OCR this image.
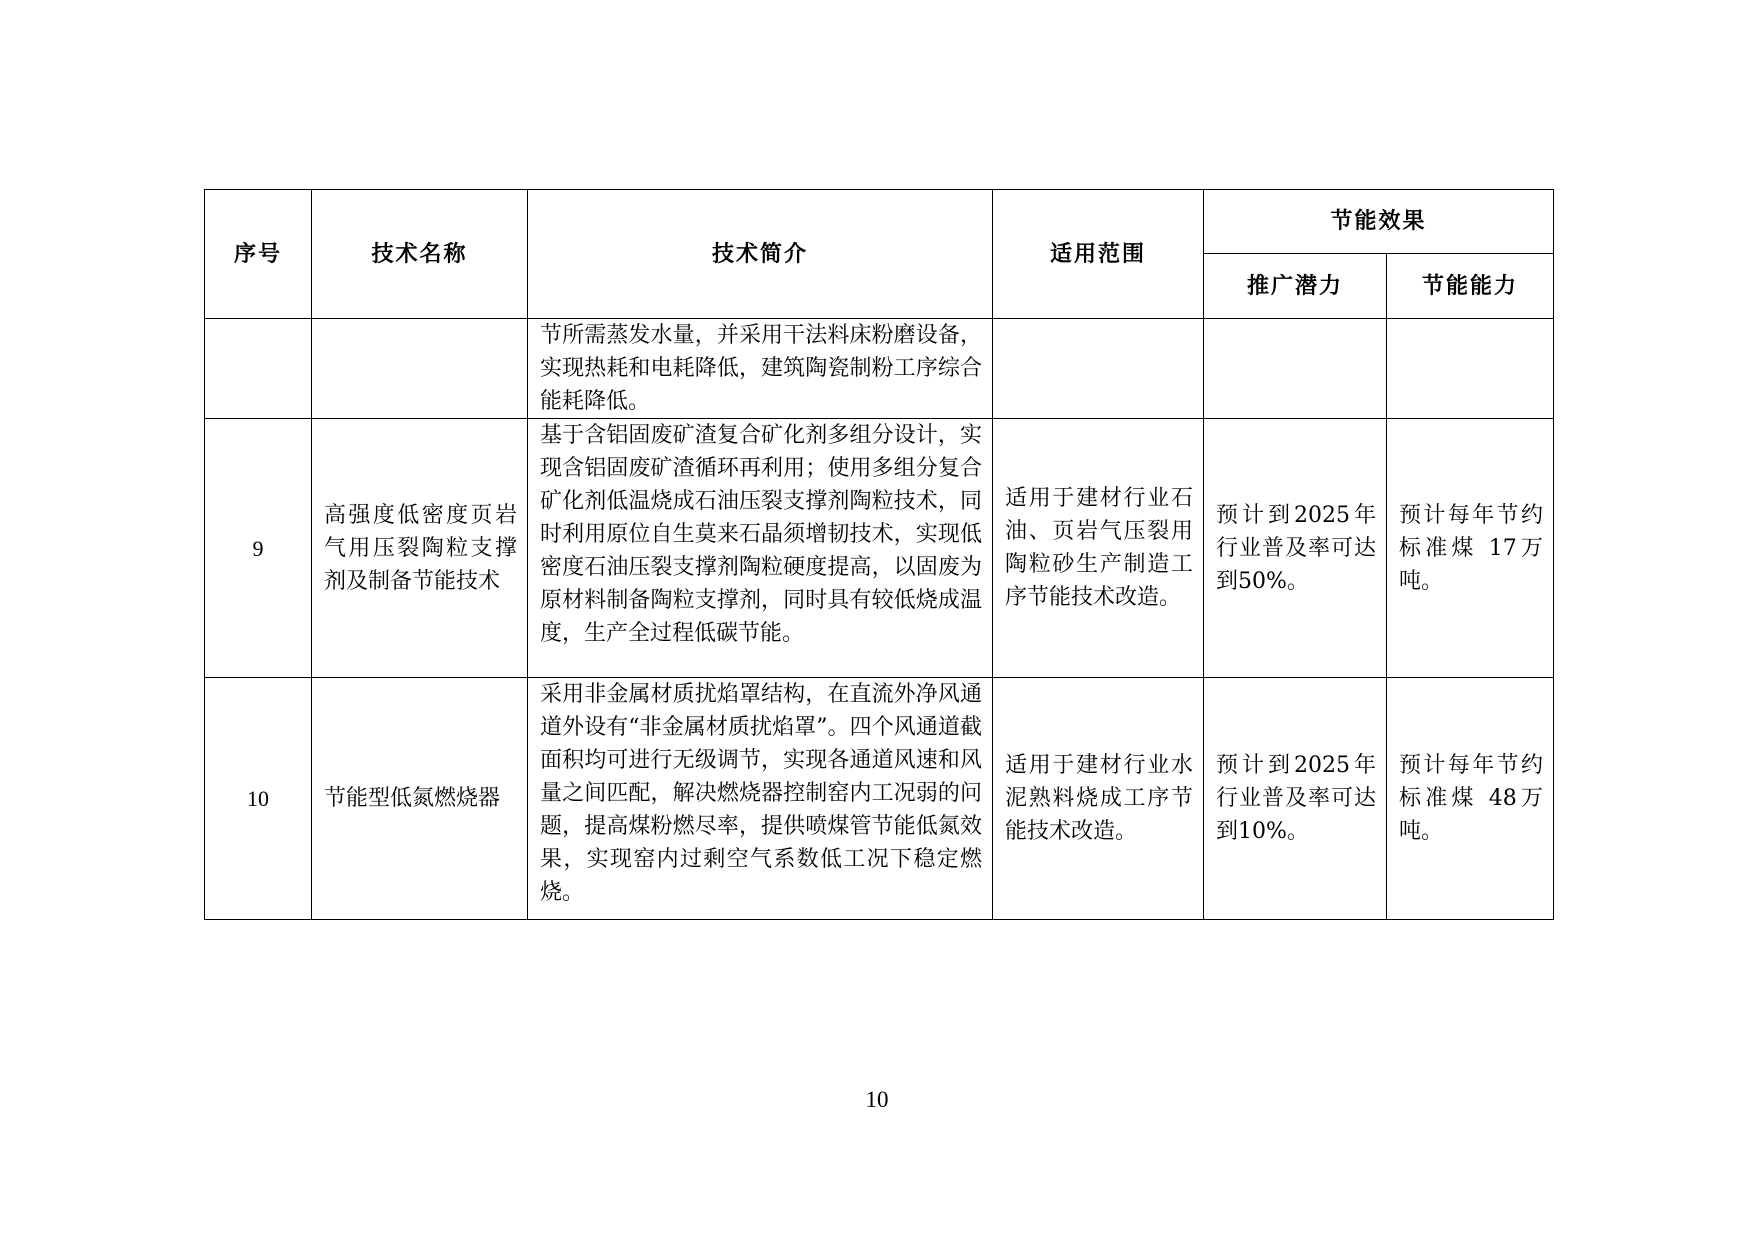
序号	技术名称	技术简介	适用范围	节能效果	
				推广潜力	节能能力
		节所需蒸发水量，并采用干法料床粉磨设备，实现热耗和电耗降低，建筑陶瓷制粉工序综合能耗降低。			
9	高强度低密度页岩气用压裂陶粒支撑剂及制备节能技术	基于含铝固废矿渣复合矿化剂多组分设计，实现含铝固废矿渣循环再利用；使用多组分复合矿化剂低温烧成石油压裂支撑剂陶粒技术，同时利用原位自生莫来石晶须增韧技术，实现低密度石油压裂支撑剂陶粒硬度提高，以固废为原材料制备陶粒支撑剂，同时具有较低烧成温度，生产全过程低碳节能。	适用于建材行业石油、页岩气压裂用陶粒砂生产制造工序节能技术改造。	预计到2025年行业普及率可达到50%。	预计每年节约标准煤 17万吨。
10	节能型低氮燃烧器	采用非金属材质扰焰罩结构，在直流外净风通道外设有“非金属材质扰焰罩”。四个风通道截面积均可进行无级调节，实现各通道风速和风量之间匹配，解决燃烧器控制窑内工况弱的问题，提高煤粉燃尽率，提供喷煤管节能低氮效果，实现窑内过剩空气系数低工况下稳定燃烧。	适用于建材行业水泥熟料烧成工序节能技术改造。	预计到2025年行业普及率可达到10%。	预计每年节约标准煤 48万吨。
10
